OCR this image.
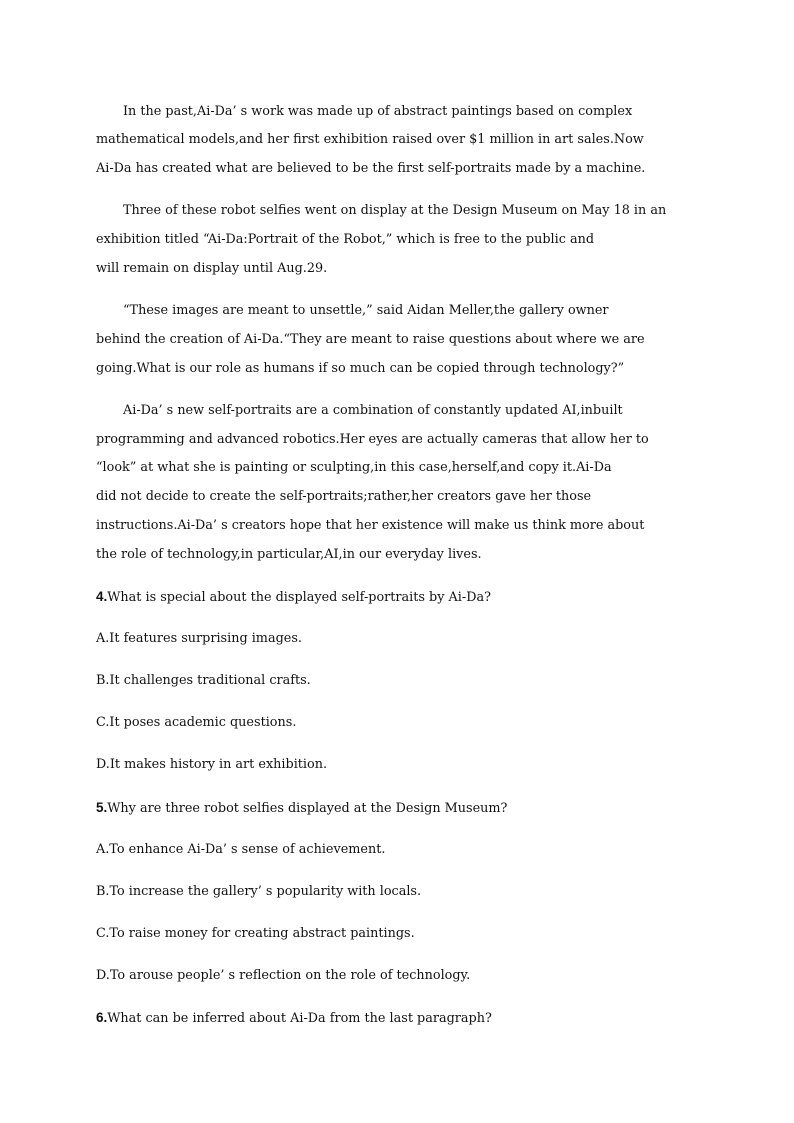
In the past,Ai-Da’ s work was made up of abstract paintings based on complex
mathematical models,and her first exhibition raised over $1 million in art sales.Now
Ai-Da has created what are believed to be the first self-portraits made by a machine.
Three of these robot selfies went on display at the Design Museum on May 18 in an
exhibition titled “Ai-Da:Portrait of the Robot,” which is free to the public and
will remain on display until Aug.29.
“These images are meant to unsettle,” said Aidan Meller,the gallery owner
behind the creation of Ai-Da.“They are meant to raise questions about where we are
going.What is our role as humans if so much can be copied through technology?”
Ai-Da’ s new self-portraits are a combination of constantly updated AI,inbuilt
programming and advanced robotics.Her eyes are actually cameras that allow her to
“look” at what she is painting or sculpting,in this case,herself,and copy it.Ai-Da
did not decide to create the self-portraits;rather,her creators gave her those
instructions.Ai-Da’ s creators hope that her existence will make us think more about
the role of technology,in particular,AI,in our everyday lives.
4.What is special about the displayed self-portraits by Ai-Da?
A.It features surprising images.
B.It challenges traditional crafts.
C.It poses academic questions.
D.It makes history in art exhibition.
5.Why are three robot selfies displayed at the Design Museum?
A.To enhance Ai-Da’ s sense of achievement.
B.To increase the gallery’ s popularity with locals.
C.To raise money for creating abstract paintings.
D.To arouse people’ s reflection on the role of technology.
6.What can be inferred about Ai-Da from the last paragraph?
